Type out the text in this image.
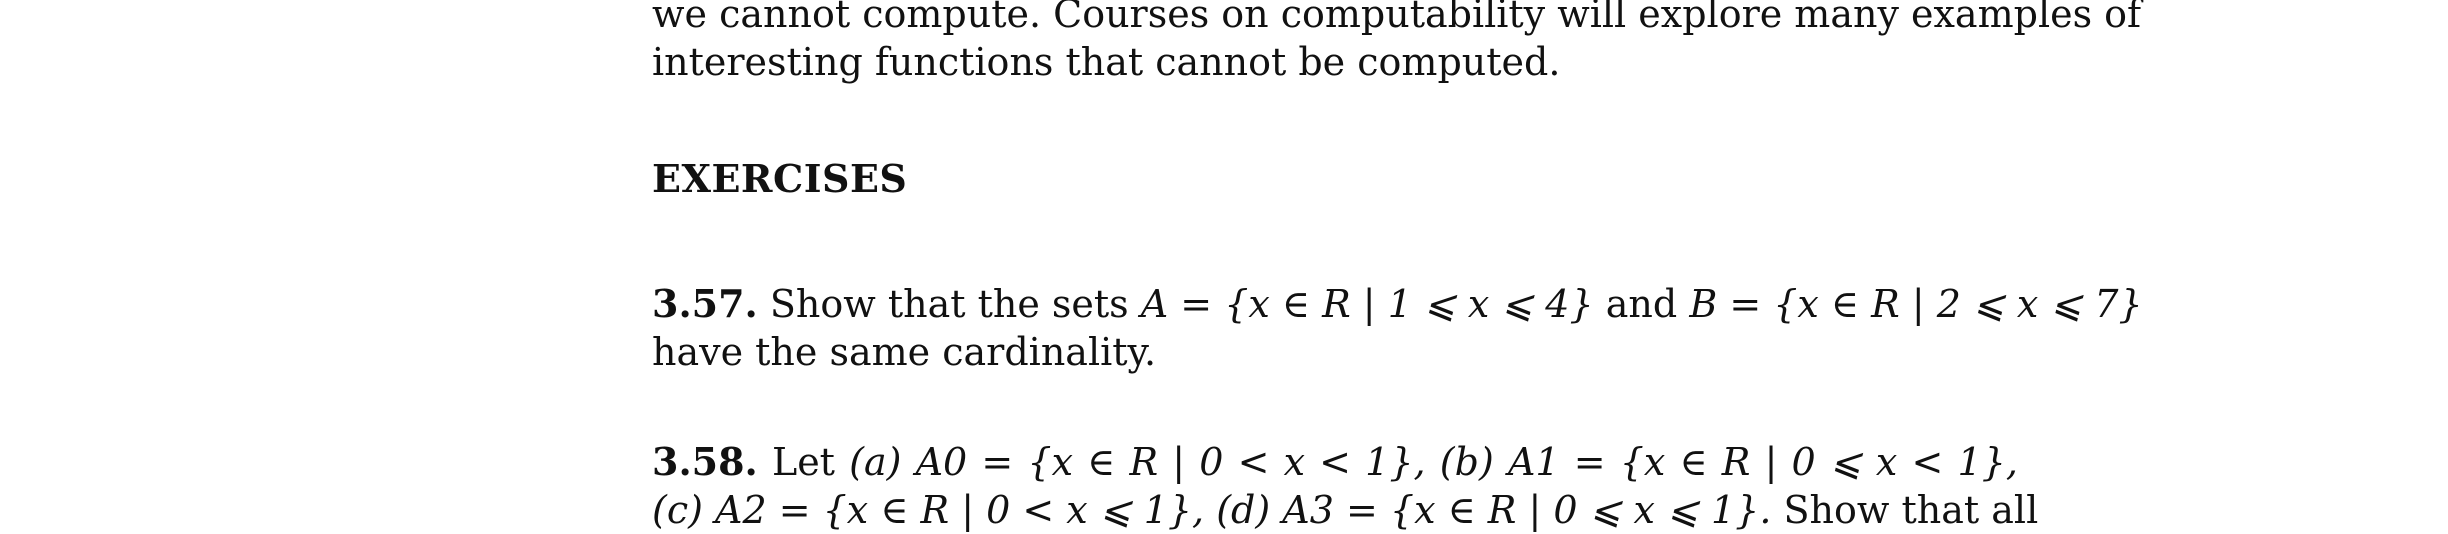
we cannot compute. Courses on computability will explore many examples of
interesting functions that cannot be computed.
EXERCISES
3.57. Show that the sets A = {x ∈ R | 1 ⩽ x ⩽ 4} and B = {x ∈ R | 2 ⩽ x ⩽ 7}
have the same cardinality.
3.58. Let (a) A0 = {x ∈ R | 0 < x < 1}, (b) A1 = {x ∈ R | 0 ⩽ x < 1},
(c) A2 = {x ∈ R | 0 < x ⩽ 1}, (d) A3 = {x ∈ R | 0 ⩽ x ⩽ 1}. Show that all
